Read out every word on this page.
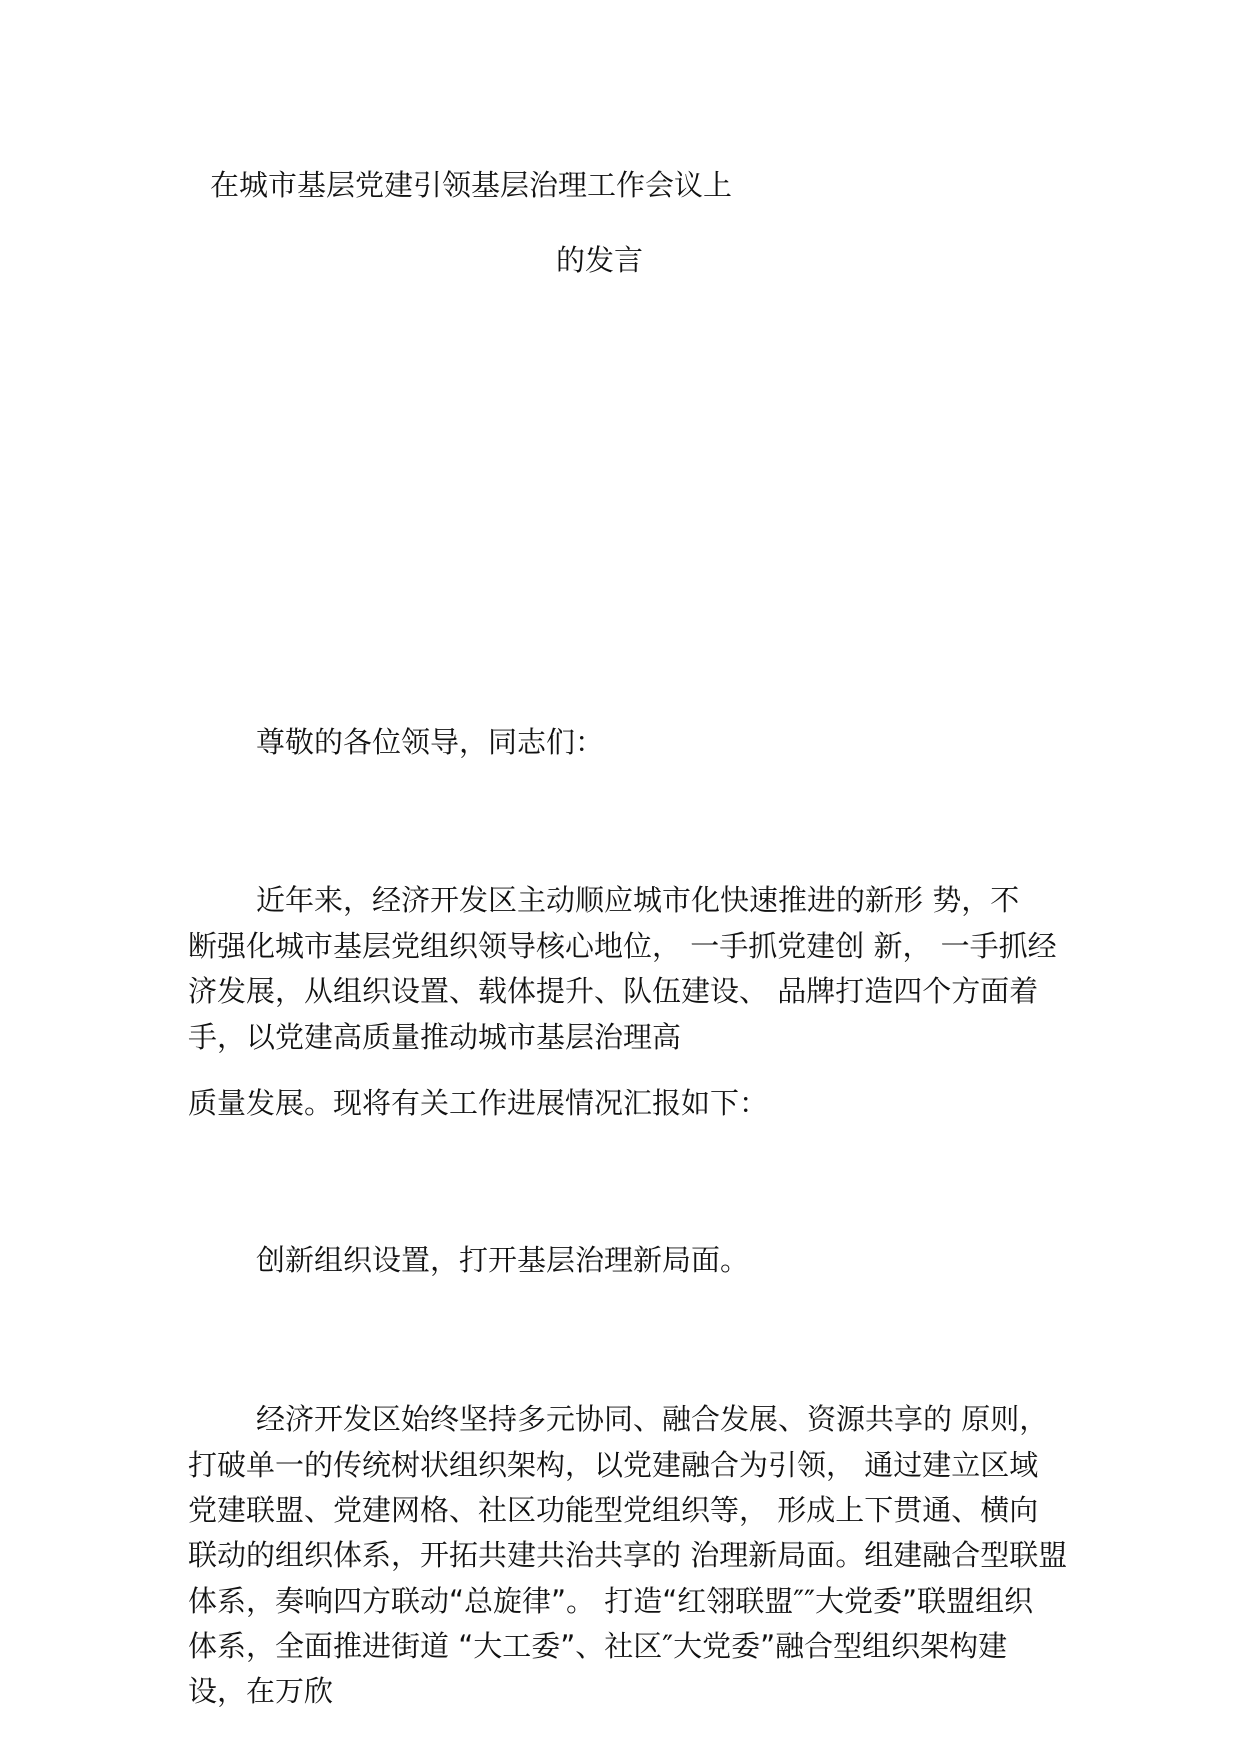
在城市基层党建引领基层治理工作会议上
的发言
尊敬的各位领导，同志们：
近年来，经济开发区主动顺应城市化快速推进的新形 势，不
断强化城市基层党组织领导核心地位， 一手抓党建创 新， 一手抓经
济发展，从组织设置、载体提升、队伍建设、 品牌打造四个方面着
手，以党建高质量推动城市基层治理高
质量发展。现将有关工作进展情况汇报如下：
创新组织设置，打开基层治理新局面。
经济开发区始终坚持多元协同、融合发展、资源共享的 原则，
打破单一的传统树状组织架构，以党建融合为引领， 通过建立区域
党建联盟、党建网格、社区功能型党组织等， 形成上下贯通、横向
联动的组织体系，开拓共建共治共享的 治理新局面。组建融合型联盟
体系，奏响四方联动“总旋律”。 打造“红翎联盟″″大党委”联盟组织
体系，全面推进街道 “大工委”、社区″大党委”融合型组织架构建
设，在万欣
